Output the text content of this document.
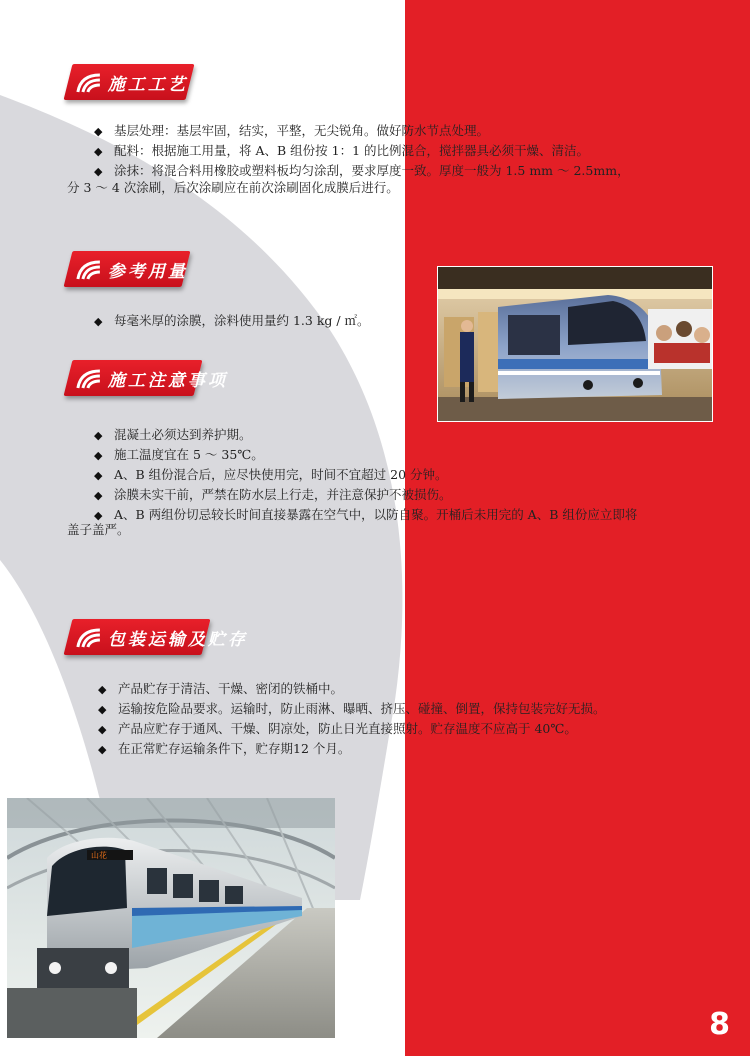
施工工艺
◆ 基层处理：基层牢固，结实，平整，无尖锐角。做好防水节点处理。
◆ 配料：根据施工用量，将 A、B 组份按 1：1 的比例混合，搅拌器具必须干燥、清洁。
◆ 涂抹：将混合料用橡胶或塑料板均匀涂刮，要求厚度一致。厚度一般为 1.5 mm ～ 2.5mm，
分 3 ～ 4 次涂刷，后次涂刷应在前次涂刷固化成膜后进行。
参考用量
◆ 每毫米厚的涂膜，涂料使用量约 1.3 kg / ㎡。
施工注意事项
◆ 混凝土必须达到养护期。
◆ 施工温度宜在 5 ～ 35℃。
◆ A、B 组份混合后，应尽快使用完，时间不宜超过 20 分钟。
◆ 涂膜未实干前，严禁在防水层上行走，并注意保护不被损伤。
◆ A、B 两组份切忌较长时间直接暴露在空气中，以防自聚。开桶后未用完的 A、B 组份应立即将
盖子盖严。
包装运输及贮存
◆ 产品贮存于清洁、干燥、密闭的铁桶中。
◆ 运输按危险品要求。运输时，防止雨淋、曝晒、挤压、碰撞、倒置，保持包装完好无损。
◆ 产品应贮存于通风、干燥、阴凉处，防止日光直接照射。贮存温度不应高于 40℃。
◆ 在正常贮存运输条件下，贮存期12 个月。
山花
8
